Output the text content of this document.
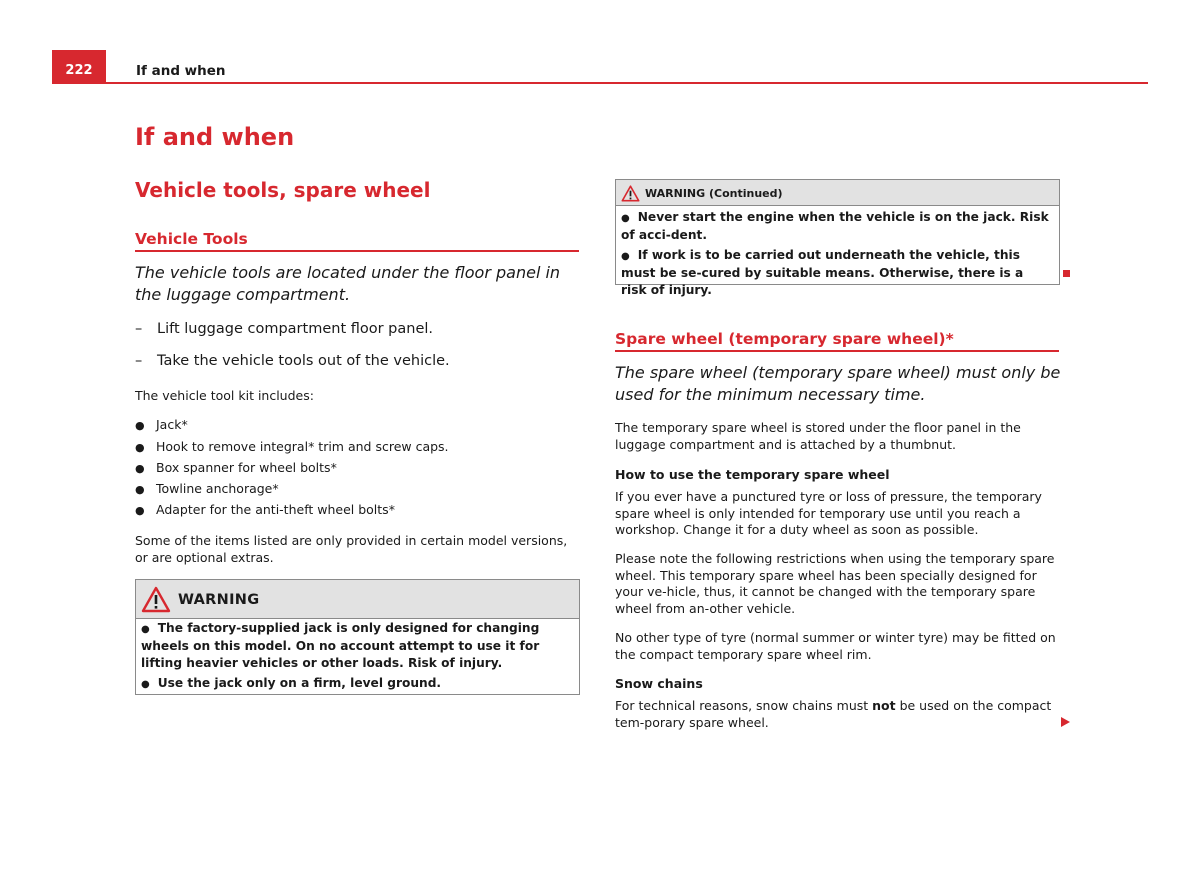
222	If and when
If and when
Vehicle tools, spare wheel
Vehicle Tools
The vehicle tools are located under the floor panel in the luggage compartment.
– Lift luggage compartment floor panel.
– Take the vehicle tools out of the vehicle.
The vehicle tool kit includes:
● Jack*
● Hook to remove integral* trim and screw caps.
● Box spanner for wheel bolts*
● Towline anchorage*
● Adapter for the anti-theft wheel bolts*
Some of the items listed are only provided in certain model versions, or are optional extras.
WARNING
● The factory-supplied jack is only designed for changing wheels on this model. On no account attempt to use it for lifting heavier vehicles or other loads. Risk of injury.
● Use the jack only on a firm, level ground.
WARNING (Continued)
● Never start the engine when the vehicle is on the jack. Risk of acci-dent.
● If work is to be carried out underneath the vehicle, this must be se-cured by suitable means. Otherwise, there is a risk of injury.
Spare wheel (temporary spare wheel)*
The spare wheel (temporary spare wheel) must only be used for the minimum necessary time.
The temporary spare wheel is stored under the floor panel in the luggage compartment and is attached by a thumbnut.
How to use the temporary spare wheel
If you ever have a punctured tyre or loss of pressure, the temporary spare wheel is only intended for temporary use until you reach a workshop. Change it for a duty wheel as soon as possible.
Please note the following restrictions when using the temporary spare wheel. This temporary spare wheel has been specially designed for your ve-hicle, thus, it cannot be changed with the temporary spare wheel from an-other vehicle.
No other type of tyre (normal summer or winter tyre) may be fitted on the compact temporary spare wheel rim.
Snow chains
For technical reasons, snow chains must not be used on the compact tem-porary spare wheel.
